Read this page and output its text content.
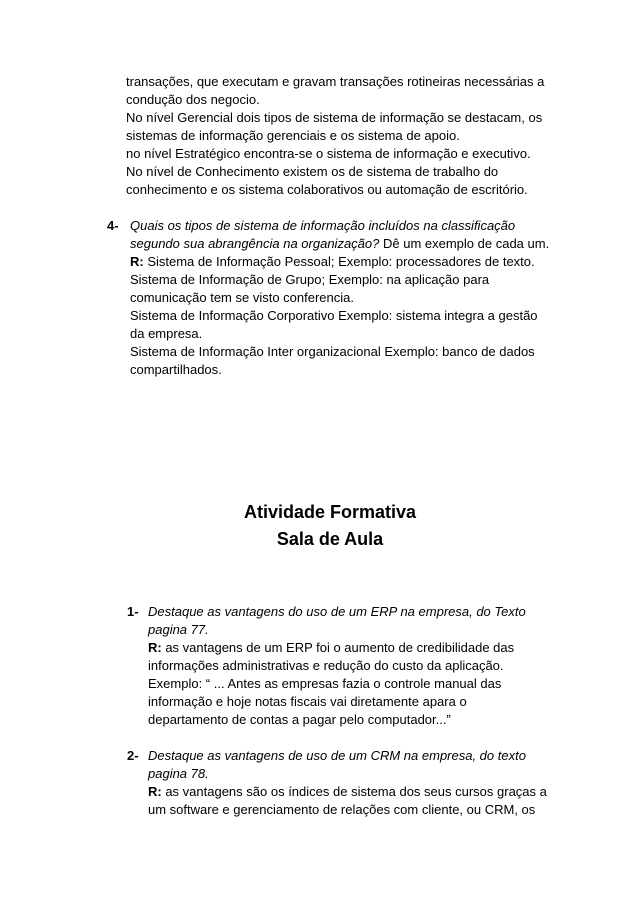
transações, que executam e gravam transações rotineiras necessárias a
condução dos negocio.
No nível Gerencial dois tipos de sistema de informação se destacam, os
sistemas de informação gerenciais e os sistema de apoio.
no nível Estratégico encontra-se o sistema de informação e executivo.
No nível de Conhecimento existem os de sistema de trabalho do
conhecimento e os sistema colaborativos ou automação de escritório.
4- Quais os tipos de sistema de informação incluídos na classificação
segundo sua abrangência na organização? Dê um exemplo de cada um.
R: Sistema de Informação Pessoal; Exemplo: processadores de texto.
Sistema de Informação de Grupo; Exemplo: na aplicação para
comunicação tem se visto conferencia.
Sistema de Informação Corporativo Exemplo: sistema integra a gestão
da empresa.
Sistema de Informação Inter organizacional Exemplo: banco de dados
compartilhados.
Atividade Formativa
Sala de Aula
1- Destaque as vantagens do uso de um ERP na empresa, do Texto
pagina 77.
R: as vantagens de um ERP foi o aumento de credibilidade das
informações administrativas e redução do custo da aplicação.
Exemplo: “ ... Antes as empresas fazia o controle manual das
informação e hoje notas fiscais vai diretamente apara o
departamento de contas a pagar pelo computador...”
2- Destaque as vantagens de uso de um CRM na empresa, do texto
pagina 78.
R: as vantagens são os índices de sistema dos seus cursos graças a
um software e gerenciamento de relações com cliente, ou CRM, os
